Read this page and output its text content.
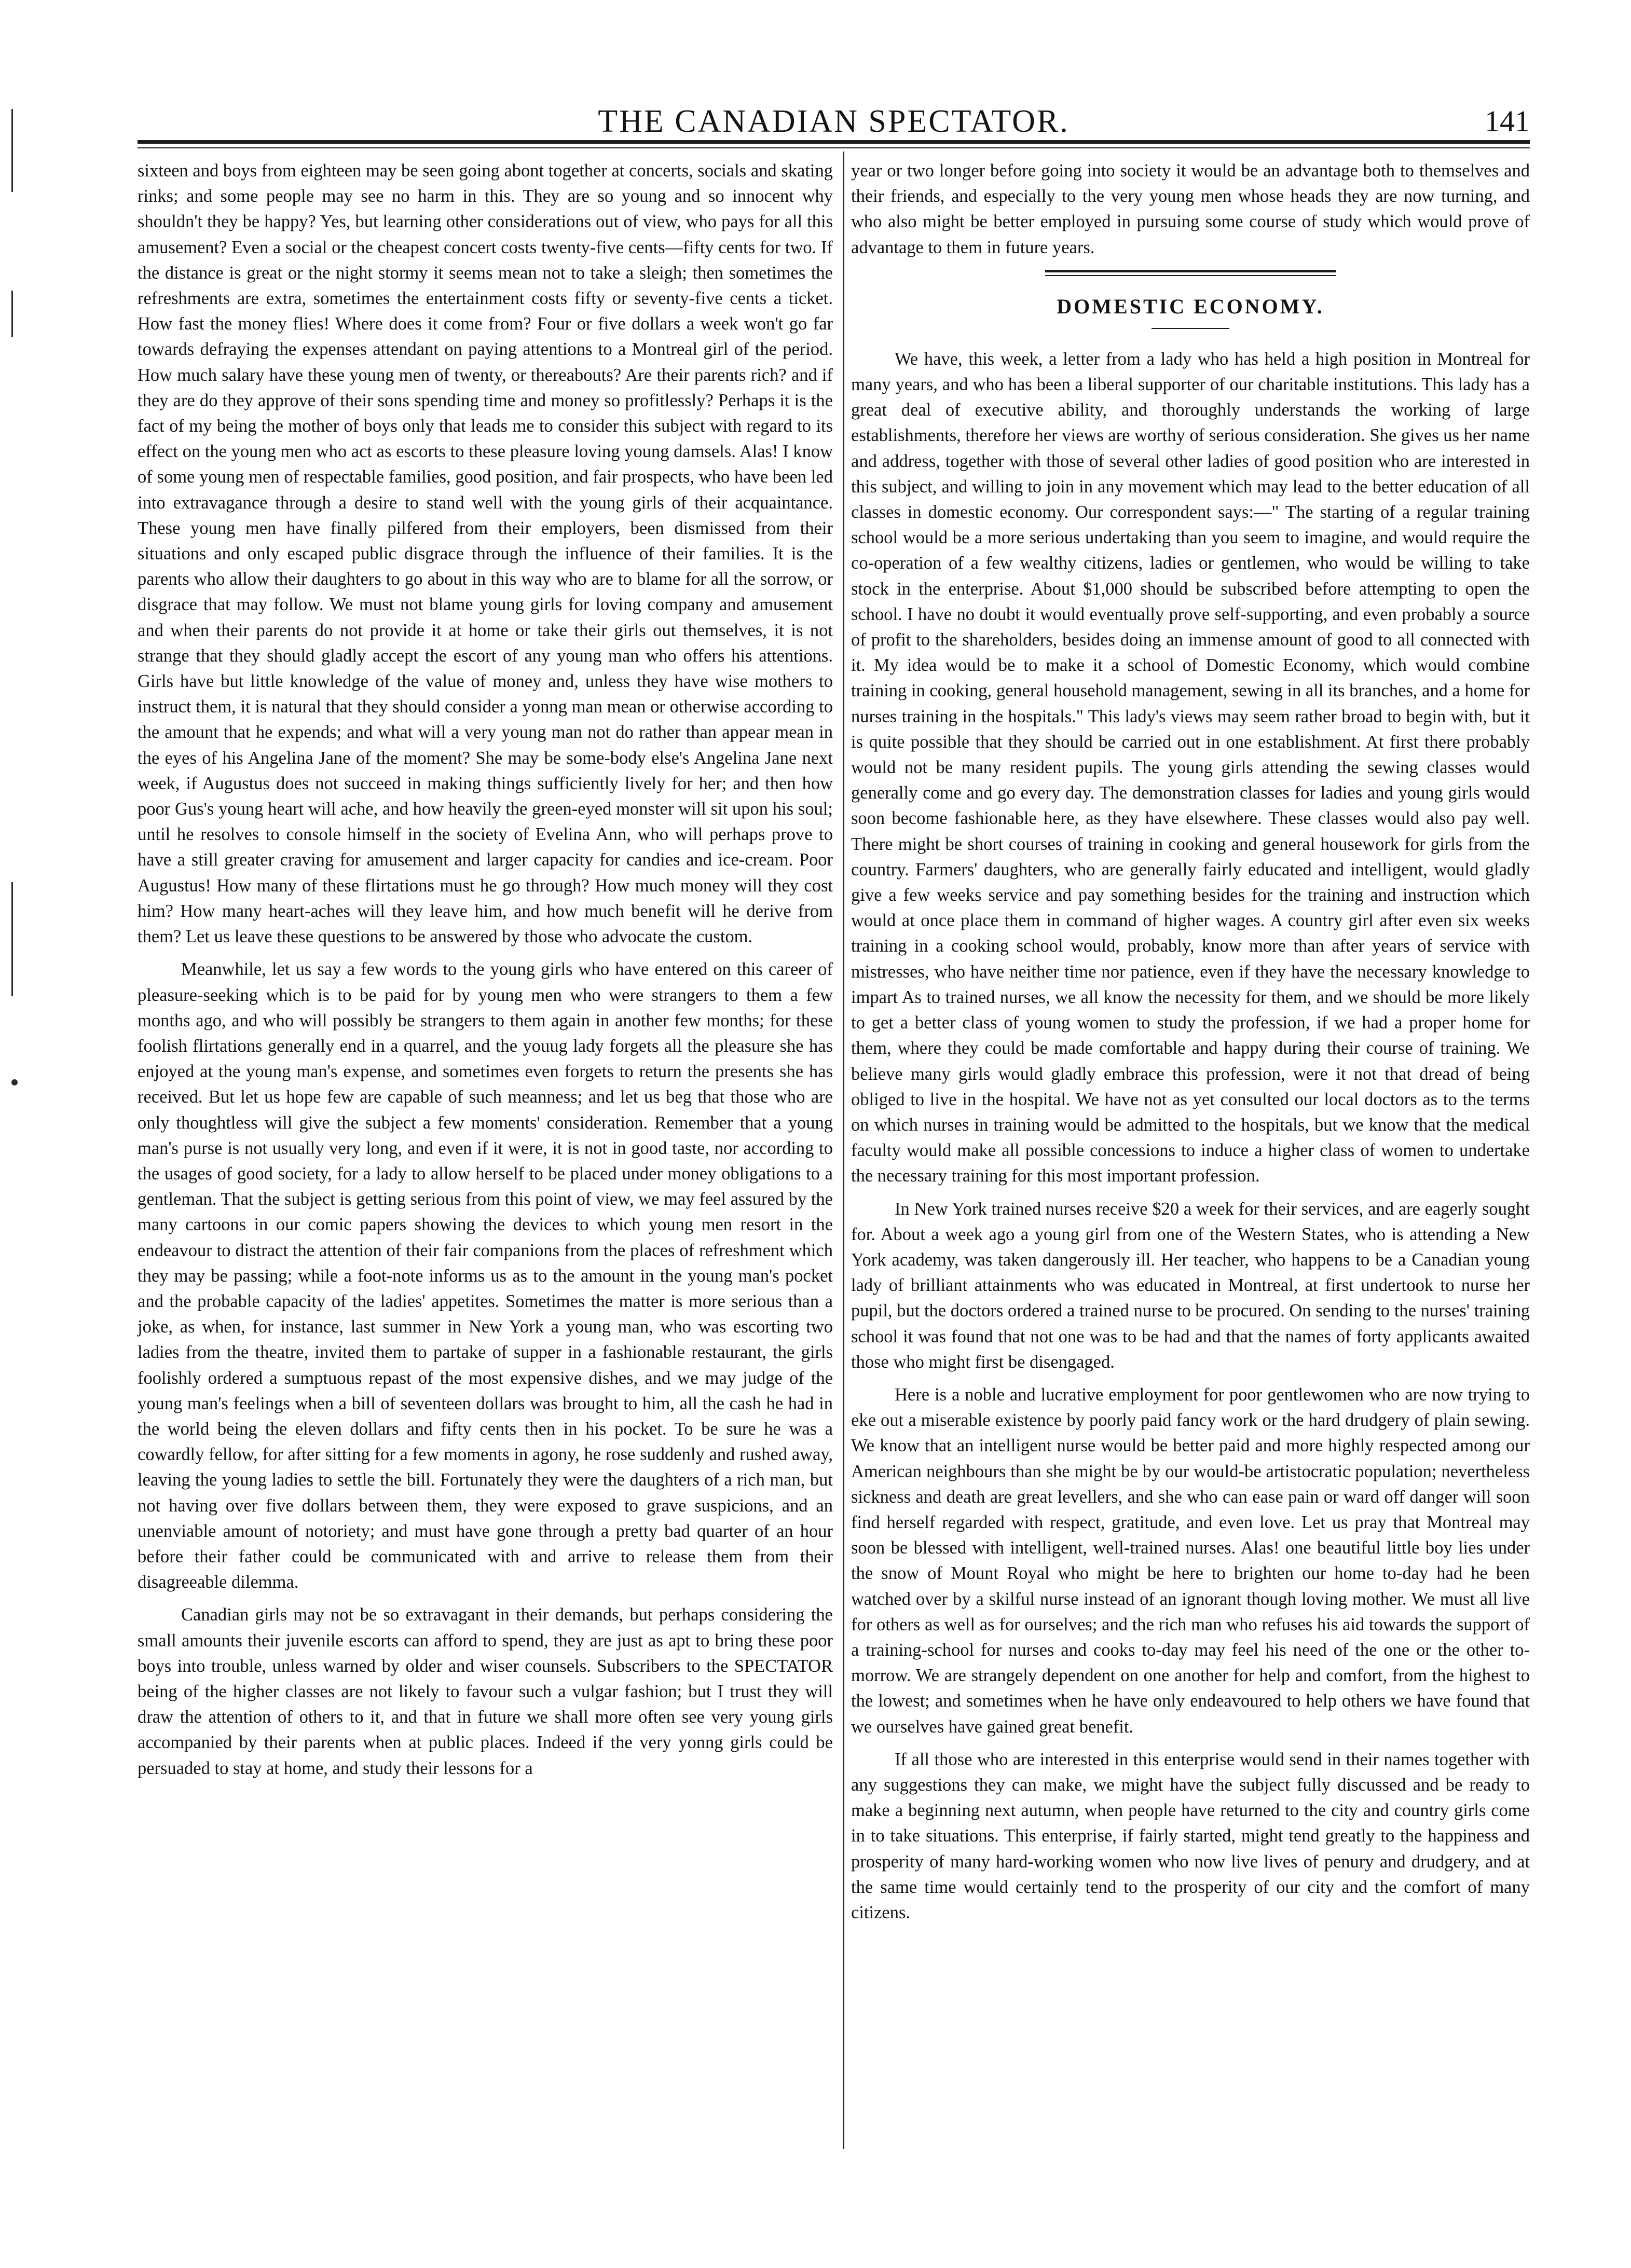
THE CANADIAN SPECTATOR.	141

sixteen and boys from eighteen may be seen going abont together at concerts, socials and skating rinks; and some people may see no harm in this. They are so young and so innocent why shouldn't they be happy? Yes, but learning other considerations out of view, who pays for all this amusement? Even a social or the cheapest concert costs twenty-five cents—fifty cents for two. If the distance is great or the night stormy it seems mean not to take a sleigh; then sometimes the refreshments are extra, sometimes the entertainment costs fifty or seventy-five cents a ticket. How fast the money flies! Where does it come from? Four or five dollars a week won't go far towards defraying the expenses attendant on paying attentions to a Montreal girl of the period. How much salary have these young men of twenty, or thereabouts? Are their parents rich? and if they are do they approve of their sons spending time and money so profitlessly? Perhaps it is the fact of my being the mother of boys only that leads me to consider this subject with regard to its effect on the young men who act as escorts to these pleasure loving young damsels. Alas! I know of some young men of respectable families, good position, and fair prospects, who have been led into extravagance through a desire to stand well with the young girls of their acquaintance. These young men have finally pilfered from their employers, been dismissed from their situations and only escaped public disgrace through the influence of their families. It is the parents who allow their daughters to go about in this way who are to blame for all the sorrow, or disgrace that may follow. We must not blame young girls for loving company and amusement and when their parents do not provide it at home or take their girls out themselves, it is not strange that they should gladly accept the escort of any young man who offers his attentions. Girls have but little knowledge of the value of money and, unless they have wise mothers to instruct them, it is natural that they should consider a yonng man mean or otherwise according to the amount that he expends; and what will a very young man not do rather than appear mean in the eyes of his Angelina Jane of the moment? She may be some-body else's Angelina Jane next week, if Augustus does not succeed in making things sufficiently lively for her; and then how poor Gus's young heart will ache, and how heavily the green-eyed monster will sit upon his soul; until he resolves to console himself in the society of Evelina Ann, who will perhaps prove to have a still greater craving for amusement and larger capacity for candies and ice-cream. Poor Augustus! How many of these flirtations must he go through? How much money will they cost him? How many heart-aches will they leave him, and how much benefit will he derive from them? Let us leave these questions to be answered by those who advocate the custom.

Meanwhile, let us say a few words to the young girls who have entered on this career of pleasure-seeking which is to be paid for by young men who were strangers to them a few months ago, and who will possibly be strangers to them again in another few months; for these foolish flirtations generally end in a quarrel, and the youug lady forgets all the pleasure she has enjoyed at the young man's expense, and sometimes even forgets to return the presents she has received. But let us hope few are capable of such meanness; and let us beg that those who are only thoughtless will give the subject a few moments' consideration. Remember that a young man's purse is not usually very long, and even if it were, it is not in good taste, nor according to the usages of good society, for a lady to allow herself to be placed under money obligations to a gentleman. That the subject is getting serious from this point of view, we may feel assured by the many cartoons in our comic papers showing the devices to which young men resort in the endeavour to distract the attention of their fair companions from the places of refreshment which they may be passing; while a foot-note informs us as to the amount in the young man's pocket and the probable capacity of the ladies' appetites. Sometimes the matter is more serious than a joke, as when, for instance, last summer in New York a young man, who was escorting two ladies from the theatre, invited them to partake of supper in a fashionable restaurant, the girls foolishly ordered a sumptuous repast of the most expensive dishes, and we may judge of the young man's feelings when a bill of seventeen dollars was brought to him, all the cash he had in the world being the eleven dollars and fifty cents then in his pocket. To be sure he was a cowardly fellow, for after sitting for a few moments in agony, he rose suddenly and rushed away, leaving the young ladies to settle the bill. Fortunately they were the daughters of a rich man, but not having over five dollars between them, they were exposed to grave suspicions, and an unenviable amount of notoriety; and must have gone through a pretty bad quarter of an hour before their father could be communicated with and arrive to release them from their disagreeable dilemma.

Canadian girls may not be so extravagant in their demands, but perhaps considering the small amounts their juvenile escorts can afford to spend, they are just as apt to bring these poor boys into trouble, unless warned by older and wiser counsels. Subscribers to the SPECTATOR being of the higher classes are not likely to favour such a vulgar fashion; but I trust they will draw the attention of others to it, and that in future we shall more often see very young girls accompanied by their parents when at public places. Indeed if the very yonng girls could be persuaded to stay at home, and study their lessons for a

year or two longer before going into society it would be an advantage both to themselves and their friends, and especially to the very young men whose heads they are now turning, and who also might be better employed in pursuing some course of study which would prove of advantage to them in future years.

DOMESTIC ECONOMY.

We have, this week, a letter from a lady who has held a high position in Montreal for many years, and who has been a liberal supporter of our charitable institutions. This lady has a great deal of executive ability, and thoroughly understands the working of large establishments, therefore her views are worthy of serious consideration. She gives us her name and address, together with those of several other ladies of good position who are interested in this subject, and willing to join in any movement which may lead to the better education of all classes in domestic economy. Our correspondent says:—" The starting of a regular training school would be a more serious undertaking than you seem to imagine, and would require the co-operation of a few wealthy citizens, ladies or gentlemen, who would be willing to take stock in the enterprise. About $1,000 should be subscribed before attempting to open the school. I have no doubt it would eventually prove self-supporting, and even probably a source of profit to the shareholders, besides doing an immense amount of good to all connected with it. My idea would be to make it a school of Domestic Economy, which would combine training in cooking, general household management, sewing in all its branches, and a home for nurses training in the hospitals." This lady's views may seem rather broad to begin with, but it is quite possible that they should be carried out in one establishment. At first there probably would not be many resident pupils. The young girls attending the sewing classes would generally come and go every day. The demonstration classes for ladies and young girls would soon become fashionable here, as they have elsewhere. These classes would also pay well. There might be short courses of training in cooking and general housework for girls from the country. Farmers' daughters, who are generally fairly educated and intelligent, would gladly give a few weeks service and pay something besides for the training and instruction which would at once place them in command of higher wages. A country girl after even six weeks training in a cooking school would, probably, know more than after years of service with mistresses, who have neither time nor patience, even if they have the necessary knowledge to impart As to trained nurses, we all know the necessity for them, and we should be more likely to get a better class of young women to study the profession, if we had a proper home for them, where they could be made comfortable and happy during their course of training. We believe many girls would gladly embrace this profession, were it not that dread of being obliged to live in the hospital. We have not as yet consulted our local doctors as to the terms on which nurses in training would be admitted to the hospitals, but we know that the medical faculty would make all possible concessions to induce a higher class of women to undertake the necessary training for this most important profession.

In New York trained nurses receive $20 a week for their services, and are eagerly sought for. About a week ago a young girl from one of the Western States, who is attending a New York academy, was taken dangerously ill. Her teacher, who happens to be a Canadian young lady of brilliant attainments who was educated in Montreal, at first undertook to nurse her pupil, but the doctors ordered a trained nurse to be procured. On sending to the nurses' training school it was found that not one was to be had and that the names of forty applicants awaited those who might first be disengaged.

Here is a noble and lucrative employment for poor gentlewomen who are now trying to eke out a miserable existence by poorly paid fancy work or the hard drudgery of plain sewing. We know that an intelligent nurse would be better paid and more highly respected among our American neighbours than she might be by our would-be artistocratic population; nevertheless sickness and death are great levellers, and she who can ease pain or ward off danger will soon find herself regarded with respect, gratitude, and even love. Let us pray that Montreal may soon be blessed with intelligent, well-trained nurses. Alas! one beautiful little boy lies under the snow of Mount Royal who might be here to brighten our home to-day had he been watched over by a skilful nurse instead of an ignorant though loving mother. We must all live for others as well as for ourselves; and the rich man who refuses his aid towards the support of a training-school for nurses and cooks to-day may feel his need of the one or the other to-morrow. We are strangely dependent on one another for help and comfort, from the highest to the lowest; and sometimes when he have only endeavoured to help others we have found that we ourselves have gained great benefit.

If all those who are interested in this enterprise would send in their names together with any suggestions they can make, we might have the subject fully discussed and be ready to make a beginning next autumn, when people have returned to the city and country girls come in to take situations. This enterprise, if fairly started, might tend greatly to the happiness and prosperity of many hard-working women who now live lives of penury and drudgery, and at the same time would certainly tend to the prosperity of our city and the comfort of many citizens.
